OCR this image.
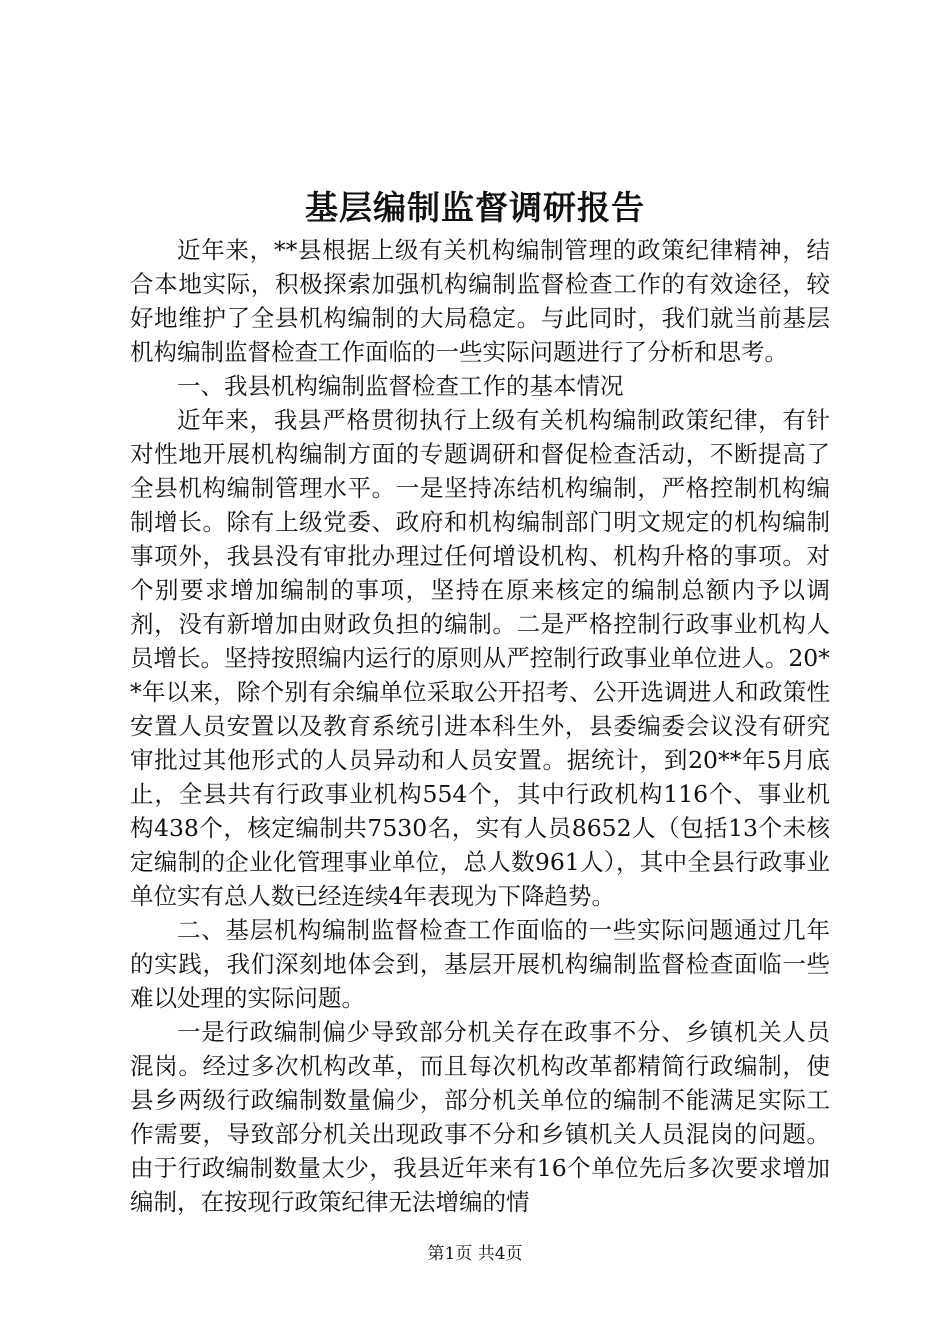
基层编制监督调研报告

近年来，**县根据上级有关机构编制管理的政策纪律精神，结合本地实际，积极探索加强机构编制监督检查工作的有效途径，较好地维护了全县机构编制的大局稳定。与此同时，我们就当前基层机构编制监督检查工作面临的一些实际问题进行了分析和思考。

一、我县机构编制监督检查工作的基本情况

近年来，我县严格贯彻执行上级有关机构编制政策纪律，有针对性地开展机构编制方面的专题调研和督促检查活动，不断提高了全县机构编制管理水平。一是坚持冻结机构编制，严格控制机构编制增长。除有上级党委、政府和机构编制部门明文规定的机构编制事项外，我县没有审批办理过任何增设机构、机构升格的事项。对个别要求增加编制的事项，坚持在原来核定的编制总额内予以调剂，没有新增加由财政负担的编制。二是严格控制行政事业机构人员增长。坚持按照编内运行的原则从严控制行政事业单位进人。20**年以来，除个别有余编单位采取公开招考、公开选调进人和政策性安置人员安置以及教育系统引进本科生外，县委编委会议没有研究审批过其他形式的人员异动和人员安置。据统计，到20**年5月底止，全县共有行政事业机构554个，其中行政机构116个、事业机构438个，核定编制共7530名，实有人员8652人（包括13个未核定编制的企业化管理事业单位，总人数961人），其中全县行政事业单位实有总人数已经连续4年表现为下降趋势。

二、基层机构编制监督检查工作面临的一些实际问题通过几年的实践，我们深刻地体会到，基层开展机构编制监督检查面临一些难以处理的实际问题。

一是行政编制偏少导致部分机关存在政事不分、乡镇机关人员混岗。经过多次机构改革，而且每次机构改革都精简行政编制，使县乡两级行政编制数量偏少，部分机关单位的编制不能满足实际工作需要，导致部分机关出现政事不分和乡镇机关人员混岗的问题。由于行政编制数量太少，我县近年来有16个单位先后多次要求增加编制，在按现行政策纪律无法增编的情

第1页 共4页
